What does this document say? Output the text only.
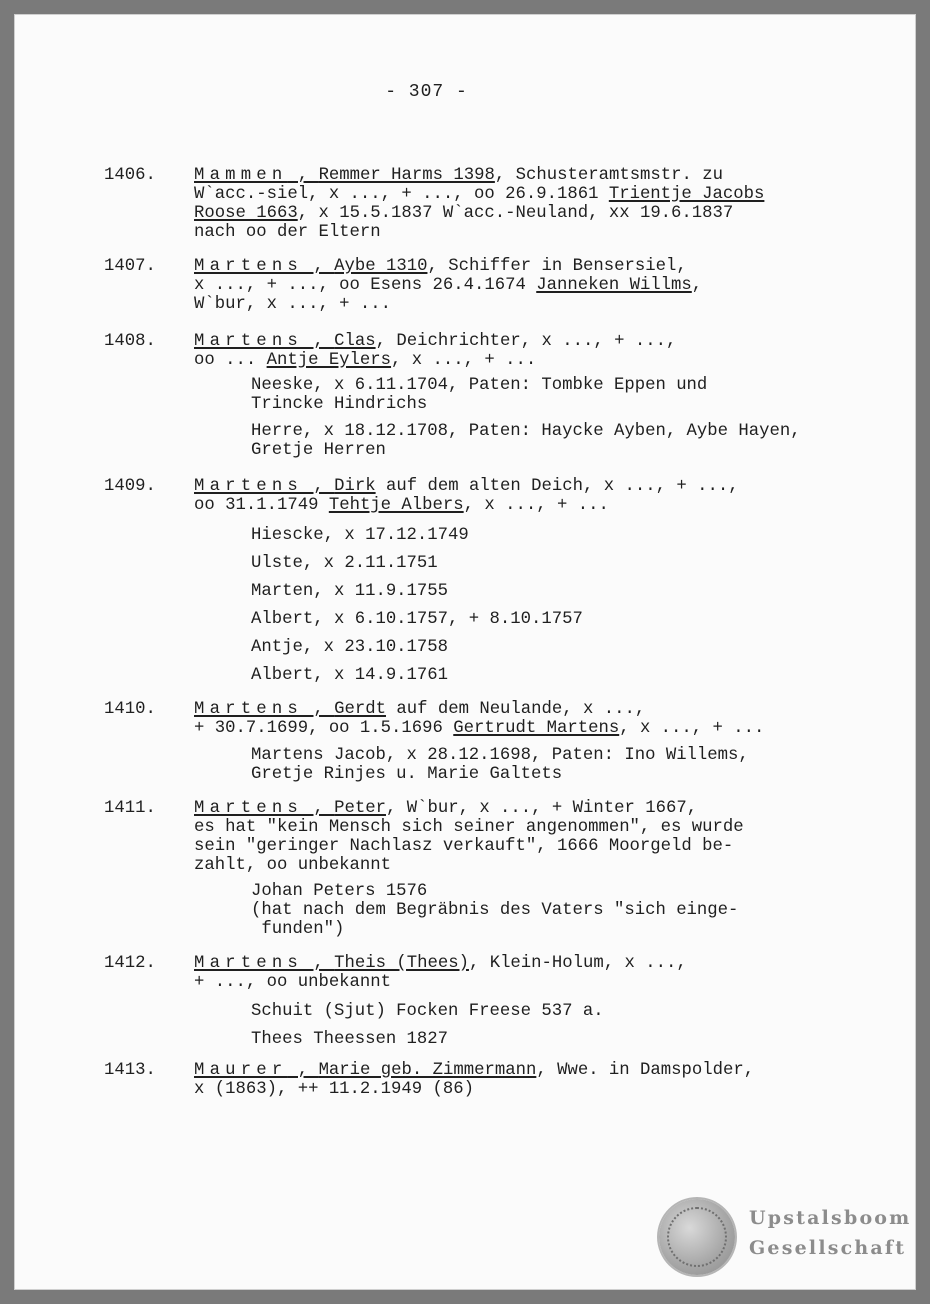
- 307 -
1406. Mammen , Remmer Harms 1398, Schusteramtsmstr. zu
W`acc.-siel, x ..., + ..., oo 26.9.1861 Trientje Jacobs
Roose 1663, x 15.5.1837 W`acc.-Neuland, xx 19.6.1837
nach oo der Eltern
1407. Martens , Aybe 1310, Schiffer in Bensersiel,
x ..., + ..., oo Esens 26.4.1674 Janneken Willms,
W`bur, x ..., + ...
1408. Martens , Clas, Deichrichter, x ..., + ...,
oo ... Antje Eylers, x ..., + ...
Neeske, x 6.11.1704, Paten: Tombke Eppen und
Trincke Hindrichs
Herre, x 18.12.1708, Paten: Haycke Ayben, Aybe Hayen,
Gretje Herren
1409. Martens , Dirk auf dem alten Deich, x ..., + ...,
oo 31.1.1749 Tehtje Albers, x ..., + ...
Hiescke, x 17.12.1749
Ulste, x 2.11.1751
Marten, x 11.9.1755
Albert, x 6.10.1757, + 8.10.1757
Antje, x 23.10.1758
Albert, x 14.9.1761
1410. Martens , Gerdt auf dem Neulande, x ...,
+ 30.7.1699, oo 1.5.1696 Gertrudt Martens, x ..., + ...
Martens Jacob, x 28.12.1698, Paten: Ino Willems,
Gretje Rinjes u. Marie Galtets
1411. Martens , Peter, W`bur, x ..., + Winter 1667,
es hat "kein Mensch sich seiner angenommen", es wurde
sein "geringer Nachlasz verkauft", 1666 Moorgeld be-
zahlt, oo unbekannt
Johan Peters 1576
(hat nach dem Begräbnis des Vaters "sich einge-
funden")
1412. Martens , Theis (Thees), Klein-Holum, x ...,
+ ..., oo unbekannt
Schuit (Sjut) Focken Freese 537 a.
Thees Theessen 1827
1413. Maurer , Marie geb. Zimmermann, Wwe. in Damspolder,
x (1863), ++ 11.2.1949 (86)
Upstalsboom
Gesellschaft
